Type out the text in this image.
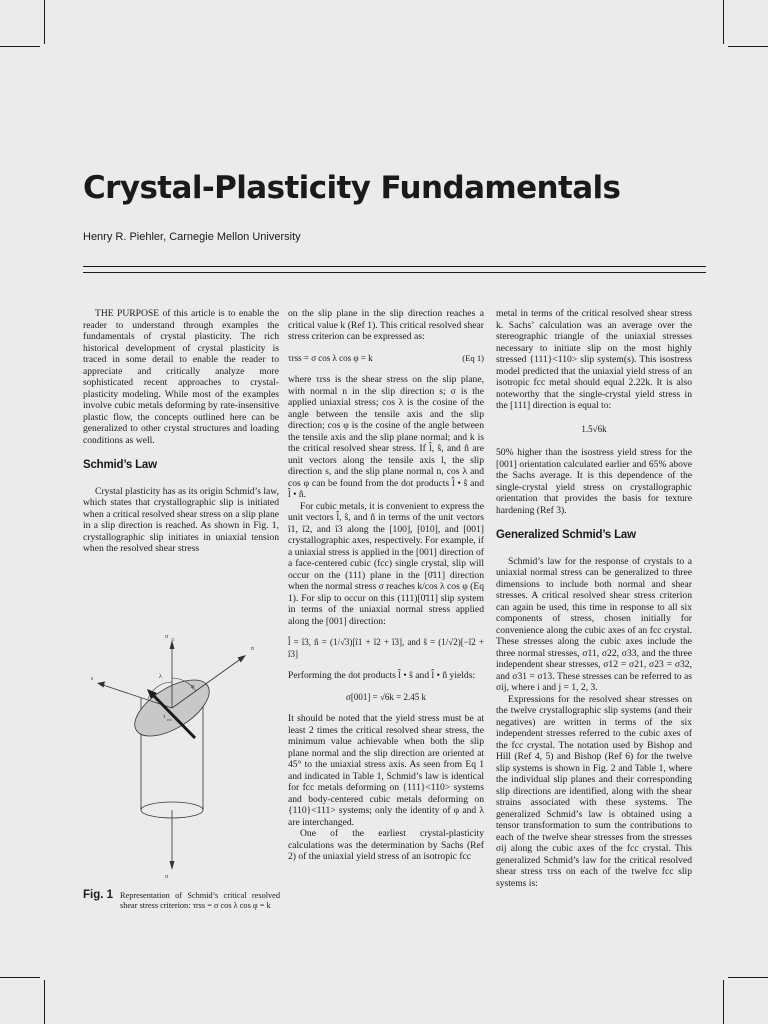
Crystal-Plasticity Fundamentals
Henry R. Piehler, Carnegie Mellon University

THE PURPOSE of this article is to enable the reader to understand through examples the fundamentals of crystal plasticity. The rich historical development of crystal plasticity is traced in some detail to enable the reader to appreciate and critically analyze more sophisticated recent approaches to crystal-plasticity modeling. While most of the examples involve cubic metals deforming by rate-insensitive plastic flow, the concepts outlined here can be generalized to other crystal structures and loading conditions as well.

Schmid’s Law

Crystal plasticity has as its origin Schmid’s law, which states that crystallographic slip is initiated when a critical resolved shear stress on a slip plane in a slip direction is reached. As shown in Fig. 1, crystallographic slip initiates in uniaxial tension when the resolved shear stress

σ 11
n
s	λ
φ
τ rss
σ
Fig. 1 Representation of Schmid’s critical resolved shear stress criterion: τrss = σ cos λ cos φ = k

on the slip plane in the slip direction reaches a critical value k (Ref 1). This critical resolved shear stress criterion can be expressed as:

τrss = σ cos λ cos φ = k	(Eq 1)

where τrss is the shear stress on the slip plane, with normal n in the slip direction s; σ is the applied uniaxial stress; cos λ is the cosine of the angle between the tensile axis and the slip direction; cos φ is the cosine of the angle between the tensile axis and the slip plane normal; and k is the critical resolved shear stress. If l̂, ŝ, and n̂ are unit vectors along the tensile axis l, the slip direction s, and the slip plane normal n, cos λ and cos φ can be found from the dot products l̂ • ŝ and l̂ • n̂.

For cubic metals, it is convenient to express the unit vectors l̂, ŝ, and n̂ in terms of the unit vectors î1, î2, and î3 along the [100], [010], and [001] crystallographic axes, respectively. For example, if a uniaxial stress is applied in the [001] direction of a face-centered cubic (fcc) single crystal, slip will occur on the (111) plane in the [0̄11] direction when the normal stress σ reaches k/cos λ cos φ (Eq 1). For slip to occur on this (111)[0̄11] slip system in terms of the uniaxial normal stress applied along the [001] direction:

l̂ = î3, n̂ = (1/√3)[î1 + î2 + î3], and ŝ = (1/√2)[−î2 + î3]

Performing the dot products l̂ • ŝ and l̂ • n̂ yields:

σ[001] = √6k = 2.45 k

It should be noted that the yield stress must be at least 2 times the critical resolved shear stress, the minimum value achievable when both the slip plane normal and the slip direction are oriented at 45° to the uniaxial stress axis. As seen from Eq 1 and indicated in Table 1, Schmid’s law is identical for fcc metals deforming on {111}<110> systems and body-centered cubic metals deforming on {110}<111> systems; only the identity of φ and λ are interchanged.

One of the earliest crystal-plasticity calculations was the determination by Sachs (Ref 2) of the uniaxial yield stress of an isotropic fcc

metal in terms of the critical resolved shear stress k. Sachs’ calculation was an average over the stereographic triangle of the uniaxial stresses necessary to initiate slip on the most highly stressed {111}<110> slip system(s). This isostress model predicted that the uniaxial yield stress of an isotropic fcc metal should equal 2.22k. It is also noteworthy that the single-crystal yield stress in the [111] direction is equal to:

1.5√6k

50% higher than the isostress yield stress for the [001] orientation calculated earlier and 65% above the Sachs average. It is this dependence of the single-crystal yield stress on crystallographic orientation that provides the basis for texture hardening (Ref 3).

Generalized Schmid’s Law

Schmid’s law for the response of crystals to a uniaxial normal stress can be generalized to three dimensions to include both normal and shear stresses. A critical resolved shear stress criterion can again be used, this time in response to all six components of stress, chosen initially for convenience along the cubic axes of an fcc crystal. These stresses along the cubic axes include the three normal stresses, σ11, σ22, σ33, and the three independent shear stresses, σ12 = σ21, σ23 = σ32, and σ31 = σ13. These stresses can be referred to as σij, where i and j = 1, 2, 3.

Expressions for the resolved shear stresses on the twelve crystallographic slip systems (and their negatives) are written in terms of the six independent stresses referred to the cubic axes of the fcc crystal. The notation used by Bishop and Hill (Ref 4, 5) and Bishop (Ref 6) for the twelve slip systems is shown in Fig. 2 and Table 1, where the individual slip planes and their corresponding slip directions are identified, along with the shear strains associated with these systems. The generalized Schmid’s law is obtained using a tensor transformation to sum the contributions to each of the twelve shear stresses from the stresses σij along the cubic axes of the fcc crystal. This generalized Schmid’s law for the critical resolved shear stress τrss on each of the twelve fcc slip systems is:
